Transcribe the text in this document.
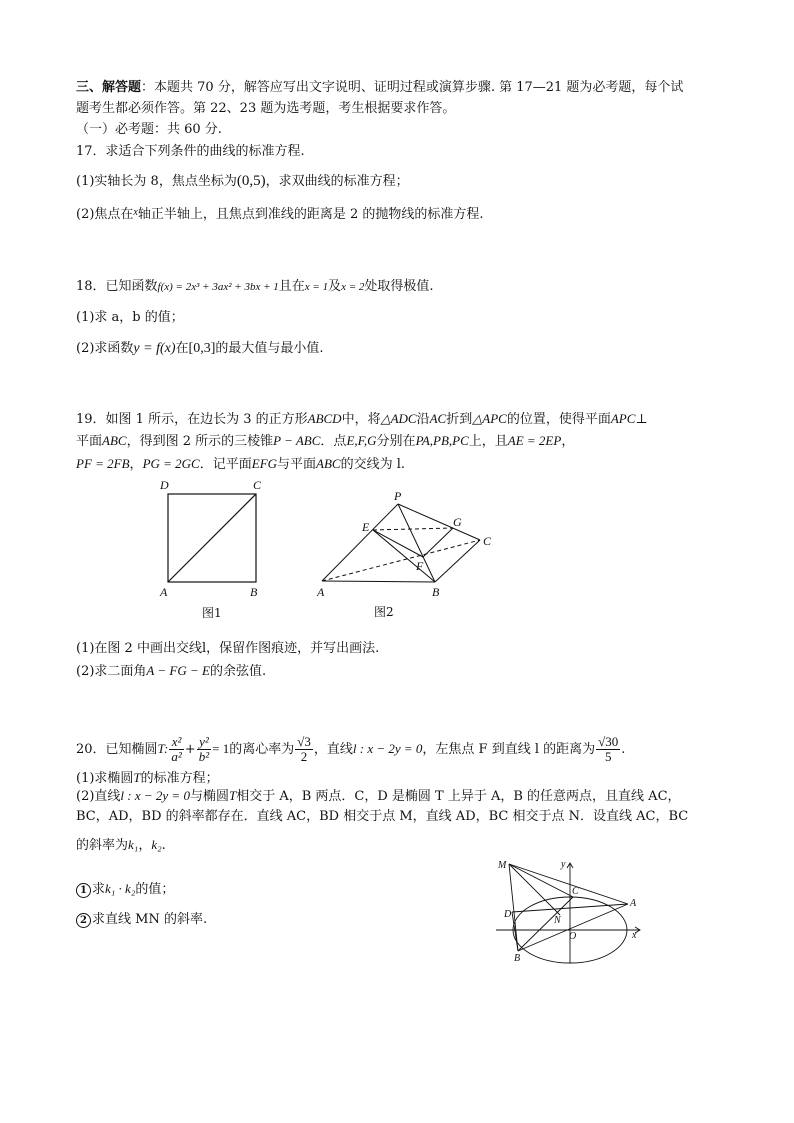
三、解答题：本题共 70 分，解答应写出文字说明、证明过程或演算步骤. 第 17—21 题为必考题，每个试
题考生都必须作答。第 22、23 题为选考题，考生根据要求作答。
（一）必考题：共 60 分.
17．求适合下列条件的曲线的标准方程.
(1)实轴长为 8，焦点坐标为(0,5)，求双曲线的标准方程；
(2)焦点在$^x$轴正半轴上，且焦点到准线的距离是 2 的抛物线的标准方程.
18．已知函数f(x) = 2x³ + 3ax² + 3bx + 1且在x = 1及x = 2处取得极值.
(1)求 a，b 的值；
(2)求函数y = f(x)在[0,3]的最大值与最小值.
19．如图 1 所示，在边长为 3 的正方形ABCD中，将△ADC沿AC折到△APC的位置，使得平面APC⊥
平面ABC，得到图 2 所示的三棱锥P − ABC．点E,F,G分别在PA,PB,PC上，且AE = 2EP，
PF = 2FB，PG = 2GC．记平面EFG与平面ABC的交线为 l.
D	C
A	B
图1
P
E	G
C
F
A	B
图2
(1)在图 2 中画出交线l，保留作图痕迹，并写出画法.
(2)求二面角A − FG − E的余弦值.
20．已知椭圆T: $\frac{\text{x²}}{\text{a²}} + \frac{\text{y²}}{\text{b²}} = 1$的离心率为 $\frac{√3}{2}$ ，直线l : x − 2y = 0，左焦点 F 到直线 l 的距离为 $\frac{√30}{5}$ .
(1)求椭圆T的标准方程；
(2)直线l : x − 2y = 0与椭圆T相交于 A，B 两点．C，D 是椭圆 T 上异于 A，B 的任意两点，且直线 AC，
BC，AD，BD 的斜率都存在．直线 AC，BD 相交于点 M，直线 AD，BC 相交于点 N．设直线 AC，BC
的斜率为k₁，k₂.
1 求k₁ · k₂的值；
2 求直线 MN 的斜率.
M	y
C
A
D
N
O	x
B
